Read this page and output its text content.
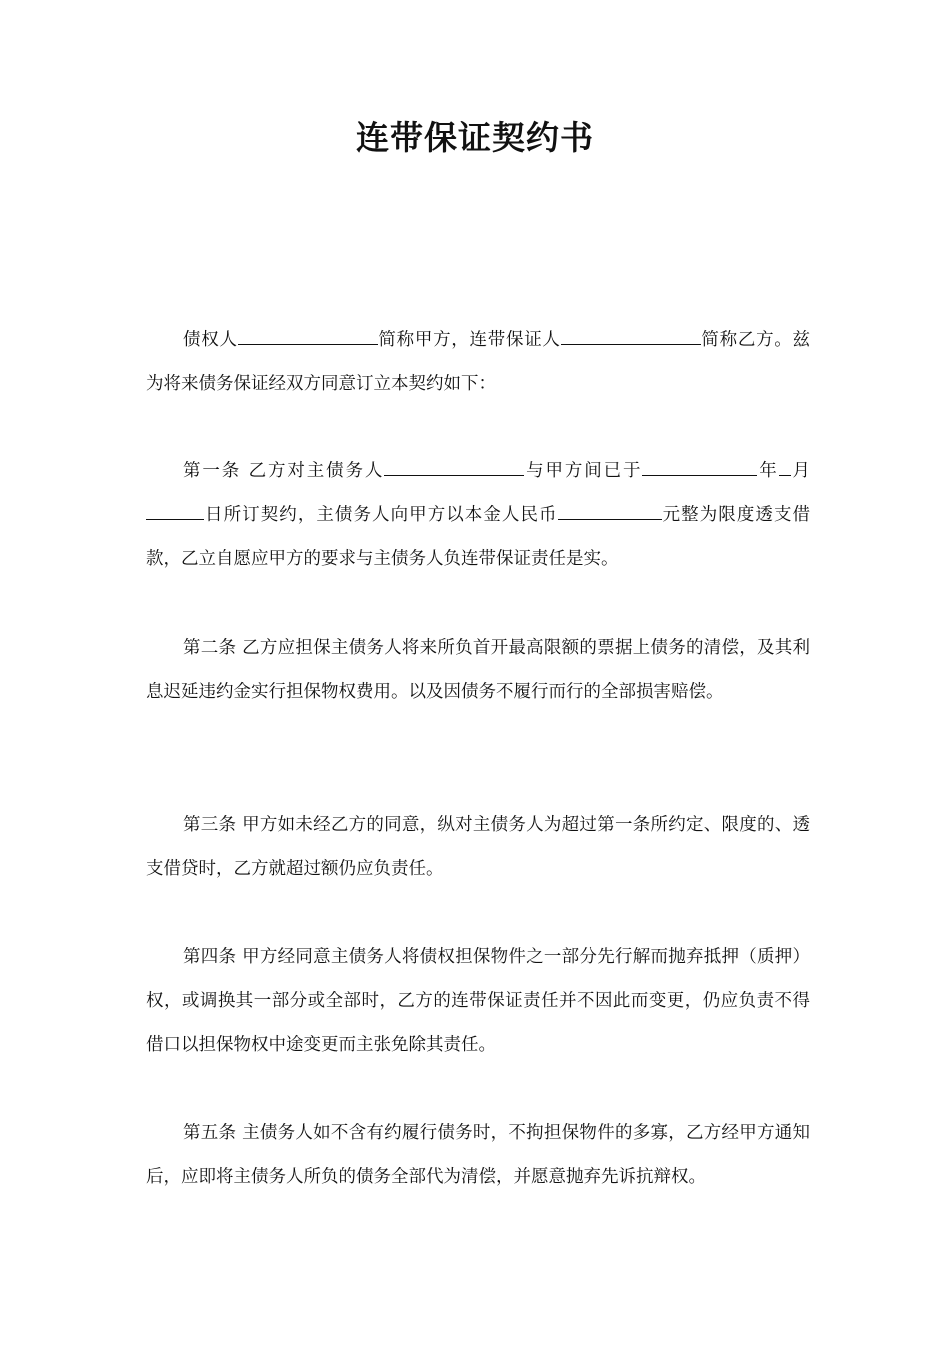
连带保证契约书

债权人	简称甲方，连带保证人	简称乙方。兹为将来债务保证经双方同意订立本契约如下：

第一条 乙方对主债务人	与甲方间已于	年 月日所订契约，主债务人向甲方以本金人民币	元整为限度透支借款，乙立自愿应甲方的要求与主债务人负连带保证责任是实。

第二条 乙方应担保主债务人将来所负首开最高限额的票据上债务的清偿，及其利息迟延违约金实行担保物权费用。以及因债务不履行而行的全部损害赔偿。

第三条 甲方如未经乙方的同意，纵对主债务人为超过第一条所约定、限度的、透支借贷时，乙方就超过额仍应负责任。

第四条 甲方经同意主债务人将债权担保物件之一部分先行解而抛弃抵押（质押）权，或调换其一部分或全部时，乙方的连带保证责任并不因此而变更，仍应负责不得借口以担保物权中途变更而主张免除其责任。

第五条 主债务人如不含有约履行债务时，不拘担保物件的多寡，乙方经甲方通知后，应即将主债务人所负的债务全部代为清偿，并愿意抛弃先诉抗辩权。
